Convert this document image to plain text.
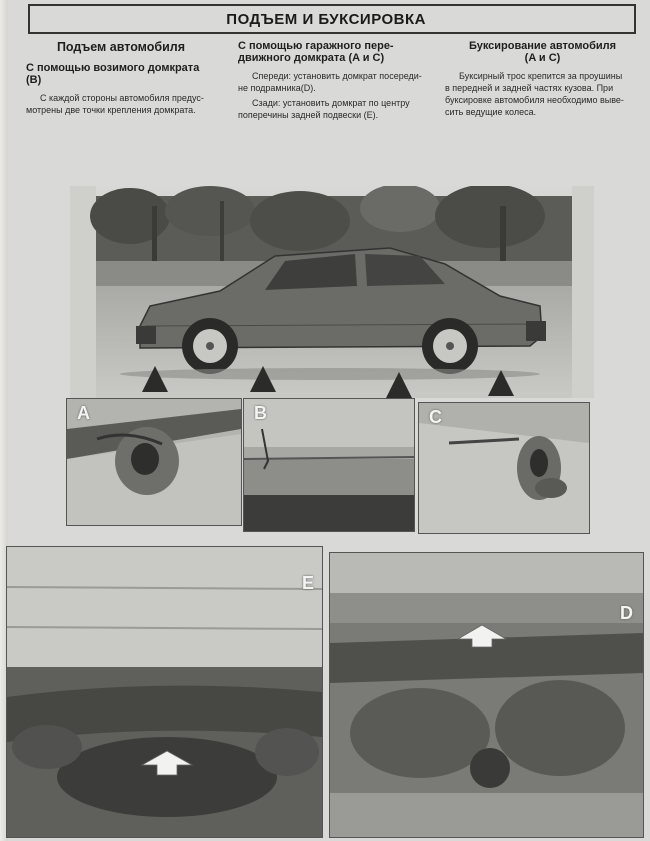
ПОДЪЕМ И БУКСИРОВКА
Подъем автомобиля
С помощью возимого домкрата
(B)

С каждой стороны автомобиля предус-
мотрены две точки крепления домкрата.

С помощью гаражного пере-
движного домкрата (A и C)

Спереди: установить домкрат посереди-
не подрамника(D).

Сзади: установить домкрат по центру
поперечины задней подвески (E).

Буксирование автомобиля
(A и C)

Буксирный трос крепится за проушины
в передней и задней частях кузова. При
буксировке автомобиля необходимо выве-
сить ведущие колеса.

A	B	C
E
D
